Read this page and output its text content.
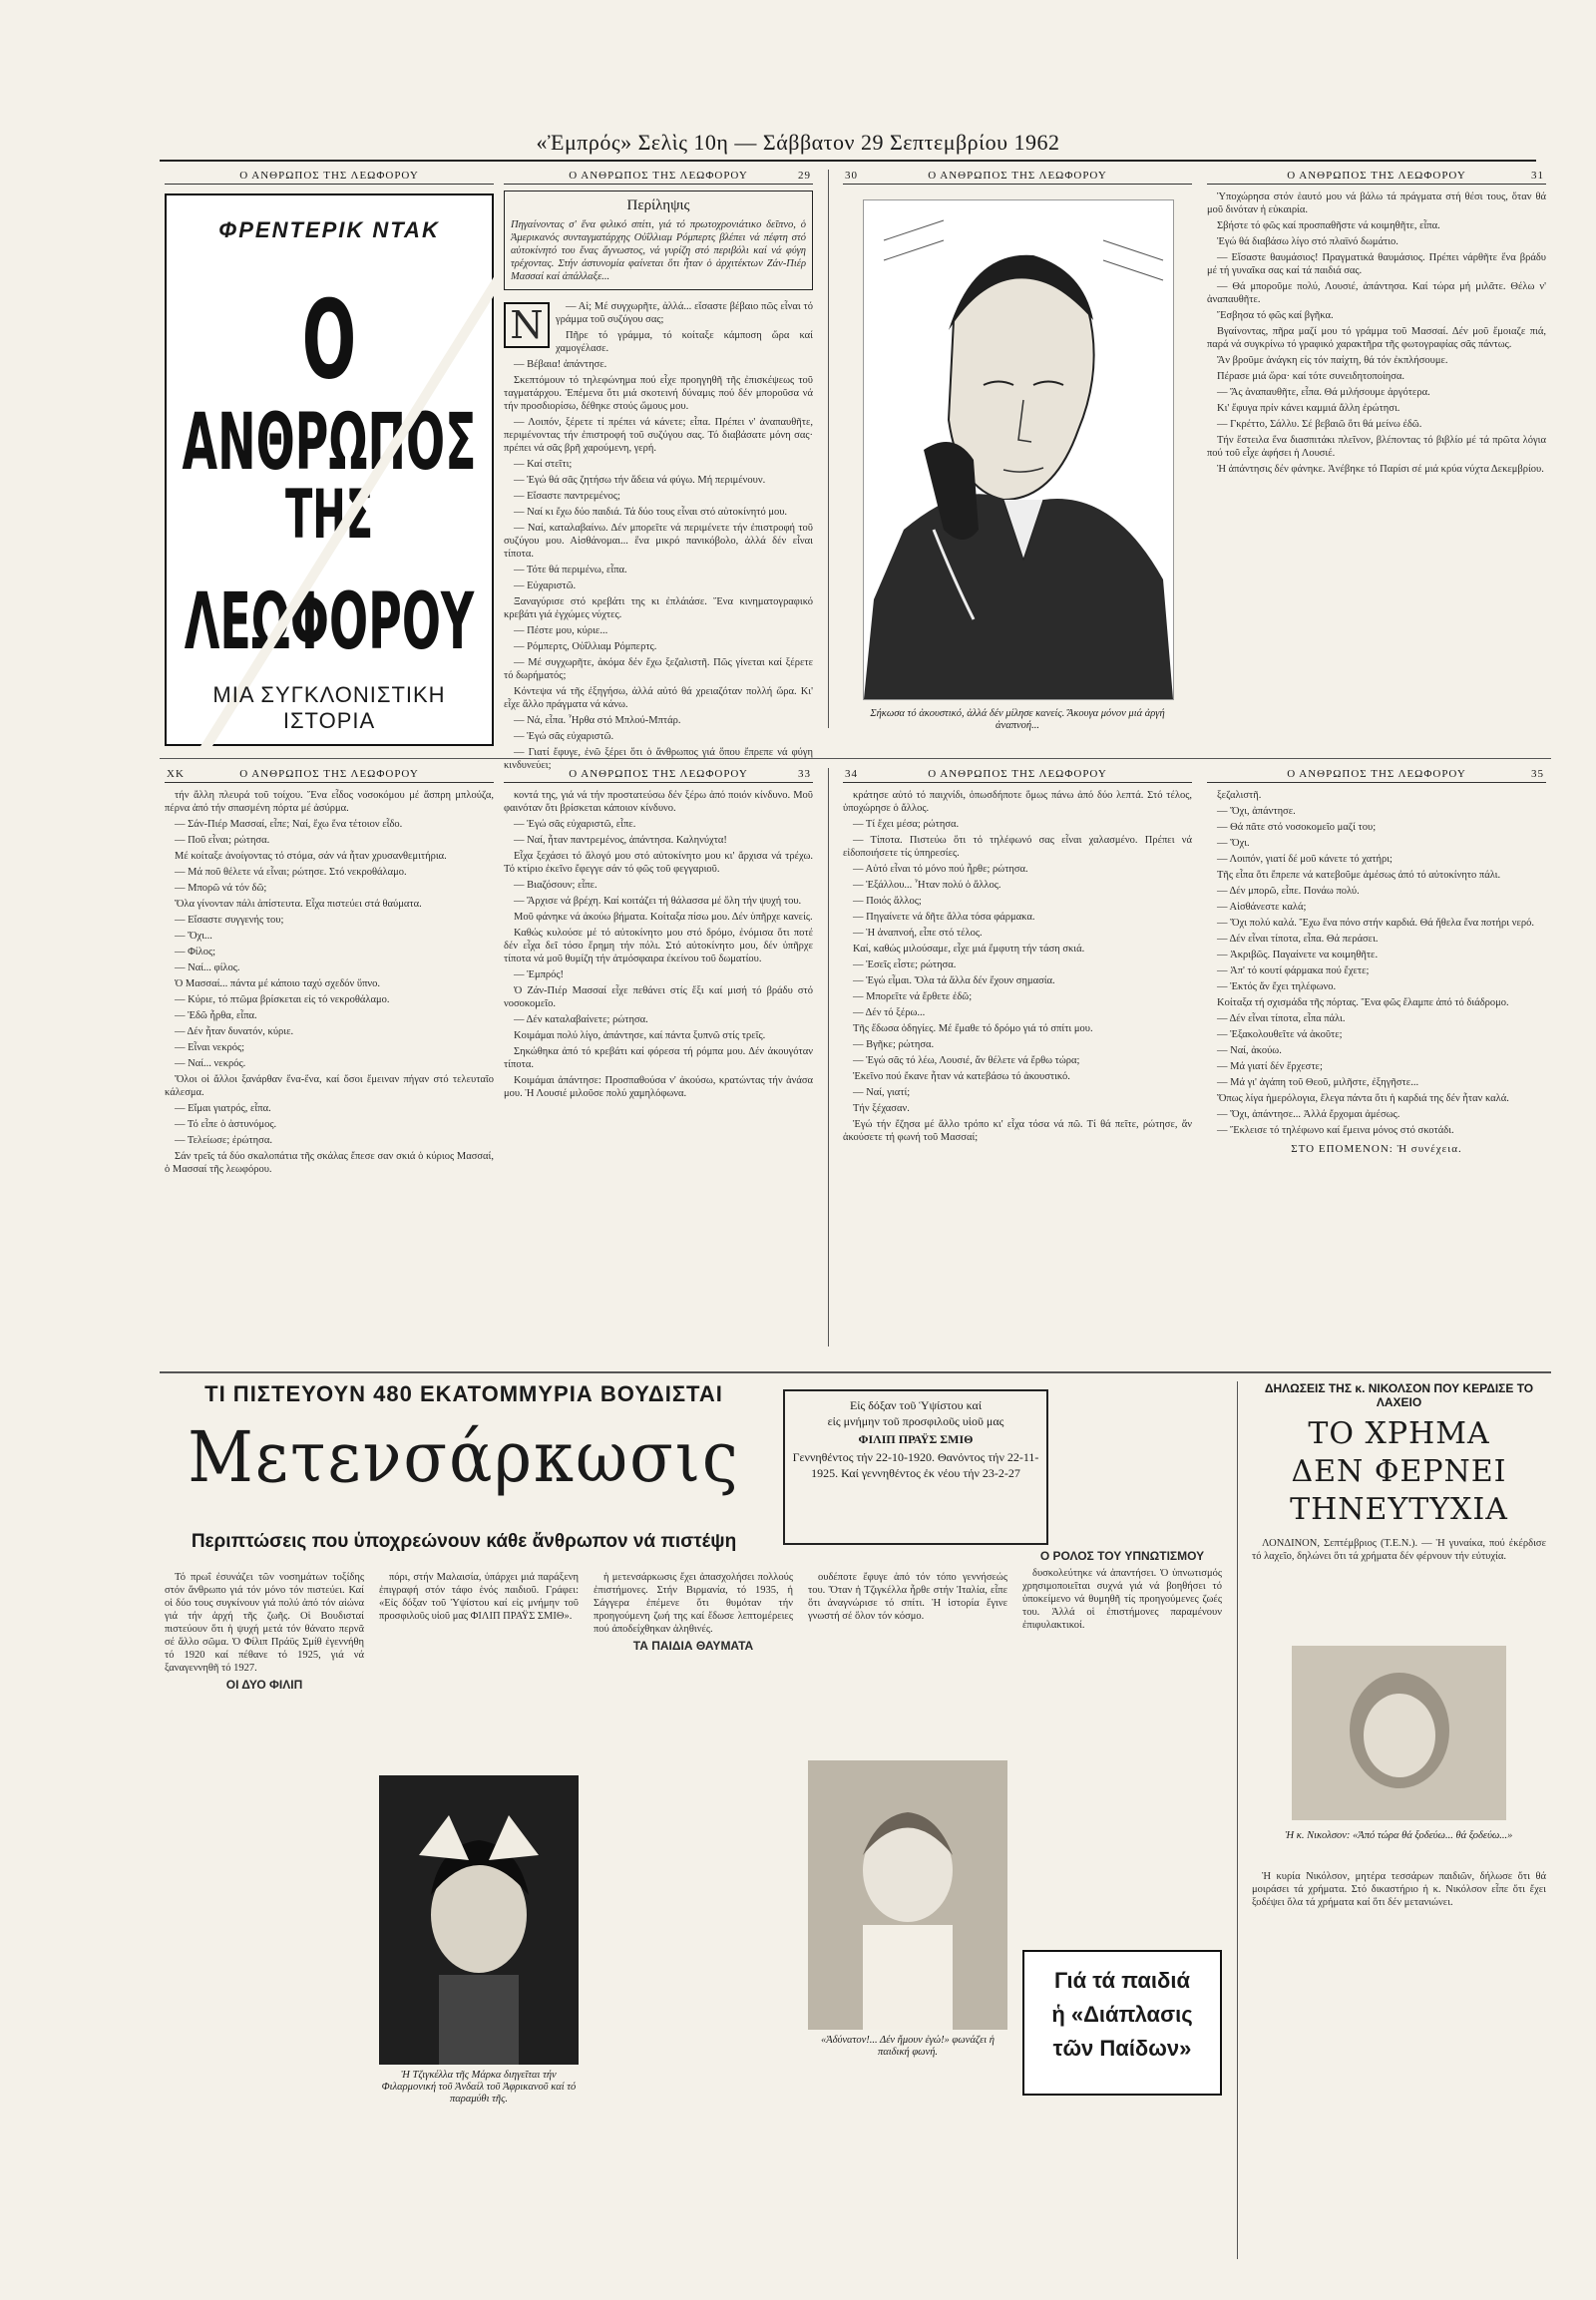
«Ἐμπρός» Σελὶς 10η — Σάββατον 29 Σεπτεμβρίου 1962
Ο ΑΝΘΡΩΠΟΣ ΤΗΣ ΛΕΩΦΟΡΟΥ
ΦΡΕΝΤΕΡΙΚ ΝΤΑΚ
Ο
ΑΝΘΡΩΠΟΣ
ΤΗΣ
ΛΕΩΦΟΡΟΥ
ΜΙΑ ΣΥΓΚΛΟΝΙΣΤΙΚΗ ΙΣΤΟΡΙΑ
Ο ΑΝΘΡΩΠΟΣ ΤΗΣ ΛΕΩΦΟΡΟΥ	29
Περίληψις
Πηγαίνοντας σ' ἕνα φιλικό σπίτι, γιά τό πρωτοχρονιάτικο δεῖπνο, ὁ Ἀμερικανός συνταγματάρχης Οὐΐλλιαμ Ρόμπερτς βλέπει νά πέφτη στό αὐτοκίνητό του ἕνας ἄγνωστος, νά γυρίζη στό περιβόλι καί νά φύγη τρέχοντας. Στήν άστυνομία φαίνεται ὅτι ἦταν ὁ ἀρχιτέκτων Ζάν-Πιέρ Μασσαί καί ἀπάλλαξε...
Ν	— Αἱ; Μέ συγχωρῆτε, ἀλλά... εἴσαστε βέβαιο πῶς εἶναι τό γράμμα τοῦ συζύγου σας;

Πῆρε τό γράμμα, τό κοίταξε κάμποση ὥρα καί χαμογέλασε.

— Βέβαια! ἀπάντησε.

Σκεπτόμουν τό τηλεφώνημα πού εἶχε προηγηθῆ τῆς ἐπισκέψεως τοῦ ταγματάρχου. Ἐπέμενα ὅτι μιά σκοτεινή δύναμις πού δέν μποροῦσα νά τήν προσδιορίσω, δέθηκε στούς ὤμους μου.

— Λοιπόν, ξέρετε τί πρέπει νά κάνετε; εἶπα. Πρέπει ν' ἀναπαυθῆτε, περιμένοντας τήν ἐπιστροφή τοῦ συζύγου σας. Τό διαβάσατε μόνη σας· πρέπει νά σᾶς βρῆ χαρούμενη, γερή.

— Καί στεῖτι;

— Ἐγώ θά σᾶς ζητήσω τήν ἄδεια νά φύγω. Μή περιμένουν.

— Εἴσαστε παντρεμένος;

— Ναί κι ἔχω δύο παιδιά. Τά δύο τους εἶναι στό αὐτοκίνητό μου.

— Ναί, καταλαβαίνω. Δέν μπορεῖτε νά περιμένετε τήν ἐπιστροφή τοῦ συζύγου μου. Αἰσθάνομαι... ἕνα μικρό πανικόβολο, ἀλλά δέν εἶναι τίποτα.

— Τότε θά περιμένω, εἶπα.

— Εὐχαριστῶ.

Ξαναγύρισε στό κρεβάτι της κι ἐπλάιάσε. Ἕνα κινηματογραφικό κρεβάτι γιά ἐγχώμες νύχτες.

— Πέστε μου, κύριε...

— Ρόμπερτς, Οὐΐλλιαμ Ρόμπερτς.

— Μέ συγχωρῆτε, ἀκόμα δέν ἔχω ξεζαλιστῆ. Πῶς γίνεται καί ξέρετε τό δωρήματός;

Κόντεψα νά τῆς ἐξηγήσω, ἀλλά αὐτό θά χρειαζόταν πολλή ὥρα. Κι' εἶχε ἄλλο πράγματα νά κάνω.

— Νά, εἶπα. Ἦρθα στό Μπλού-Μπτάρ.

— Ἐγώ σᾶς εὐχαριστῶ.

— Γιατί ἔφυγε, ἐνῶ ξέρει ὅτι ὁ ἄνθρωπος γιά ὅπου ἔπρεπε νά φύγη κινδυνεύει;

30	Ο ΑΝΘΡΩΠΟΣ ΤΗΣ ΛΕΩΦΟΡΟΥ
Σήκωσα τό ἀκουστικό, ἀλλά δέν μίλησε κανείς. Ἄκουγα μόνον μιά ἀργή ἀναπνοή...
Ο ΑΝΘΡΩΠΟΣ ΤΗΣ ΛΕΩΦΟΡΟΥ	31

Ὑποχώρησα στόν ἑαυτό μου νά βάλω τά πράγματα στή θέσι τους, ὅταν θά μοῦ δινόταν ἡ εὐκαιρία.

Σβήστε τό φῶς καί προσπαθῆστε νά κοιμηθῆτε, εἶπα.

Ἐγώ θά διαβάσω λίγο στό πλαϊνό δωμάτιο.

— Εἴσαστε θαυμάσιος! Πραγματικά θαυμάσιος. Πρέπει νάρθῆτε ἕνα βράδυ μέ τή γυναῖκα σας καί τά παιδιά σας.

— Θά μποροῦμε πολύ, Λουσιέ, ἀπάντησα. Καί τώρα μή μιλᾶτε. Θέλω ν' ἀναπαυθῆτε.

Ἔσβησα τό φῶς καί βγῆκα.

Βγαίνοντας, πῆρα μαζί μου τό γράμμα τοῦ Μασσαί. Δέν μοῦ ἔμοιαζε πιά, παρά νά συγκρίνω τό γραφικό χαρακτῆρα τῆς φωτογραφίας σᾶς πάντως.

Ἄν βροῦμε ἀνάγκη εἰς τόν παίχτη, θά τόν ἐκπλήσουμε.

Πέρασε μιά ὥρα· καί τότε συνειδητοποίησα.

— Ἄς ἀναπαυθῆτε, εἶπα. Θά μιλήσουμε ἀργότερα.

Κι' ἔφυγα πρίν κάνει καμμιά ἄλλη ἐρώτησι.

— Γκρέττο, Σάλλυ. Σέ βεβαιῶ ὅτι θά μείνω ἐδῶ.

Τήν ἔστειλα ἕνα διασπιτάκι πλεῖνον, βλέποντας τό βιβλίο μέ τά πρῶτα λόγια πού τοῦ εἶχε ἀφήσει ἡ Λουσιέ.

Ἡ ἀπάντησις δέν φάνηκε. Ἀνέβηκε τό Παρίσι σέ μιά κρύα νύχτα Δεκεμβρίου.

ΧΚ	Ο ΑΝΘΡΩΠΟΣ ΤΗΣ ΛΕΩΦΟΡΟΥ

τήν ἄλλη πλευρά τοῦ τοίχου. Ἕνα εἶδος νοσοκόμου μέ ἄσπρη μπλούζα, πέρνα ἀπό τήν σπασμένη πόρτα μέ ἀσύρμα.

— Σάν-Πιέρ Μασσαί, εἶπε; Ναί, ἔχω ἕνα τέτοιον εἶδο.

— Ποῦ εἶναι; ρώτησα.

Μέ κοίταξε ἀνοίγοντας τό στόμα, σάν νά ἦταν χρυσανθεμιτήρια.

— Μά ποῦ θέλετε νά εἶναι; ρώτησε. Στό νεκροθάλαμο.

— Μπορῶ νά τόν δῶ;

Ὅλα γίνονταν πάλι ἀπίστευτα. Εἶχα πιστεύει στά θαύματα.

— Εἴσαστε συγγενής του;

— Ὄχι...

— Φίλος;

— Ναί... φίλος.

Ὁ Μασσαί... πάντα μέ κάποιο ταχύ σχεδόν ὕπνο.

— Κύριε, τό πτῶμα βρίσκεται εἰς τό νεκροθάλαμο.

— Ἐδῶ ἦρθα, εἶπα.

— Δέν ἦταν δυνατόν, κύριε.

— Εἶναι νεκρός;

— Ναί... νεκρός.

Ὅλοι οἱ ἄλλοι ξανάρθαν ἕνα-ἕνα, καί ὅσοι ἔμειναν πήγαν στό τελευταῖο κάλεσμα.

— Εἴμαι γιατρός, εἶπα.

— Τό εἶπε ὁ ἀστυνόμος.

— Τελείωσε; ἐρώτησα.

Σάν τρεῖς τά δύο σκαλοπάτια τῆς σκάλας ἔπεσε σαν σκιά ὁ κύριος Μασσαί, ὁ Μασσαί τῆς λεωφόρου.

Ο ΑΝΘΡΩΠΟΣ ΤΗΣ ΛΕΩΦΟΡΟΥ	33

κοντά της, γιά νά τήν προστατεύσω δέν ξέρω ἀπό ποιόν κίνδυνο. Μοῦ φαινόταν ὅτι βρίσκεται κάποιον κίνδυνο.

— Ἐγώ σᾶς εὐχαριστῶ, εἶπε.

— Ναί, ἦταν παντρεμένος, ἀπάντησα. Καληνύχτα!

Εἶχα ξεχάσει τό ἄλογό μου στό αὐτοκίνητο μου κι' ἄρχισα νά τρέχω. Τό κτίριο ἐκεῖνο ἔφεγγε σάν τό φῶς τοῦ φεγγαριοῦ.

— Βιαζόσουν; εἶπε.

— Ἄρχισε νά βρέχη. Καί κοιτάζει τή θάλασσα μέ ὅλη τήν ψυχή του.

Μοῦ φάνηκε νά ἀκούω βήματα. Κοίταξα πίσω μου. Δέν ὑπῆρχε κανείς.

Καθώς κυλούσε μέ τό αὐτοκίνητο μου στό δρόμο, ἐνόμισα ὅτι ποτέ δέν εἶχα δεῖ τόσο ἔρημη τήν πόλι. Στό αὐτοκίνητο μου, δέν ὑπῆρχε τίποτα νά μοῦ θυμίζη τήν ἀτμόσφαιρα ἐκείνου τοῦ δωματίου.

— Ἐμπρός!

Ὁ Ζάν-Πιέρ Μασσαί εἶχε πεθάνει στίς ἔξι καί μισή τό βράδυ στό νοσοκομεῖο.

— Δέν καταλαβαίνετε; ρώτησα.

Κοιμάμαι πολύ λίγο, ἀπάντησε, καί πάντα ξυπνῶ στίς τρεῖς.

Σηκώθηκα ἀπό τό κρεβάτι καί φόρεσα τή ρόμπα μου. Δέν ἀκουγόταν τίποτα.

Κοιμάμαι ἀπάντησε: Προσπαθούσα ν' ἀκούσω, κρατώντας τήν ἀνάσα μου. Ἡ Λουσιέ μιλοῦσε πολύ χαμηλόφωνα.

34	Ο ΑΝΘΡΩΠΟΣ ΤΗΣ ΛΕΩΦΟΡΟΥ

κράτησε αὐτό τό παιχνίδι, ὁπωσδήποτε ὅμως πάνω ἀπό δύο λεπτά. Στό τέλος, ὑποχώρησε ὁ ἄλλος.

— Τί ἔχει μέσα; ρώτησα.

— Τίποτα. Πιστεύω ὅτι τό τηλέφωνό σας εἶναι χαλασμένο. Πρέπει νά εἰδοποιήσετε τίς ὑπηρεσίες.

— Αὐτό εἶναι τό μόνο πού ἦρθε; ρώτησα.

— Ἐξάλλου... Ἦταν πολύ ὁ ἄλλος.

— Ποιός ἄλλος;

— Πηγαίνετε νά δῆτε ἄλλα τόσα φάρμακα.

— Ἡ ἀναπνοή, εἶπε στό τέλος.

Καί, καθώς μιλούσαμε, εἶχε μιά ἔμφυτη τήν τάση σκιά.

— Ἐσεῖς εἶστε; ρώτησα.

— Ἐγώ εἶμαι. Ὅλα τά ἄλλα δέν ἔχουν σημασία.

— Μπορεῖτε νά ἔρθετε ἐδῶ;

— Δέν τό ξέρω...

Τῆς ἔδωσα ὁδηγίες. Μέ ἔμαθε τό δρόμο γιά τό σπίτι μου.

— Βγῆκε; ρώτησα.

— Ἐγώ σᾶς τό λέω, Λουσιέ, ἄν θέλετε νά ἔρθω τώρα;

Ἐκεῖνο πού ἔκανε ἦταν νά κατεβάσω τό ἀκουστικό.

— Ναί, γιατί;

Τήν ξέχασαν.

Ἐγώ τήν ἔζησα μέ ἄλλο τρόπο κι' εἶχα τόσα νά πῶ. Τί θά πεῖτε, ρώτησε, ἄν ἀκούσετε τή φωνή τοῦ Μασσαί;

Ο ΑΝΘΡΩΠΟΣ ΤΗΣ ΛΕΩΦΟΡΟΥ	35

ξεζαλιστῆ.

— Ὄχι, ἀπάντησε.

— Θά πᾶτε στό νοσοκομεῖο μαζί του;

— Ὄχι.

— Λοιπόν, γιατί δέ μοῦ κάνετε τό χατήρι;

Τῆς εἶπα ὅτι ἔπρεπε νά κατεβοῦμε ἀμέσως ἀπό τό αὐτοκίνητο πάλι.

— Δέν μπορῶ, εἶπε. Πονάω πολύ.

— Αἰσθάνεστε καλά;

— Ὄχι πολύ καλά. Ἔχω ἕνα πόνο στήν καρδιά. Θά ἤθελα ἕνα ποτήρι νερό.

— Δέν εἶναι τίποτα, εἶπα. Θά περάσει.

— Ἀκριβῶς. Παγαίνετε να κοιμηθῆτε.

— Ἀπ' τό κουτί φάρμακα πού ἔχετε;

— Ἐκτός ἄν ἔχει τηλέφωνο.

Κοίταξα τή σχισμάδα τῆς πόρτας. Ἔνα φῶς ἔλαμπε ἀπό τό διάδρομο.

— Δέν εἶναι τίποτα, εἶπα πάλι.

— Ἐξακολουθεῖτε νά ἀκοῦτε;

— Ναί, ἀκούω.

— Μά γιατί δέν ἔρχεστε;

— Μά γι' ἀγάπη τοῦ Θεοῦ, μιλῆστε, ἐξηγῆστε...

Ὅπως λίγα ἡμερόλογια, ἔλεγα πάντα ὅτι ἡ καρδιά της δέν ἦταν καλά.

— Ὄχι, ἀπάντησε... Ἀλλά ἔρχομαι ἀμέσως.

— Ἔκλεισε τό τηλέφωνο καί ἔμεινα μόνος στό σκοτάδι.

ΣΤΟ ΕΠΟΜΕΝΟΝ: Ἡ συνέχεια.
ΤΙ ΠΙΣΤΕΥΟΥΝ 480 ΕΚΑΤΟΜΜΥΡΙΑ ΒΟΥΔΙΣΤΑΙ
Μετενσάρκωσις
Περιπτώσεις που ὑποχρεώνουν κάθε ἄνθρωπον νά πιστέψη
Εἰς δόξαν τοῦ Ὑψίστου καί
εἰς μνήμην τοῦ προσφιλοῦς υἱοῦ μας
ΦΙΛΙΠ ΠΡΑΫΣ ΣΜΙΘ
Γεννηθέντος τήν 22-10-1920. Θανόντος τήν 22-11-1925. Καί γεννηθέντος ἐκ νέου τήν 23-2-27

Τό πρωΐ ἐσυνάζει τῶν νοσημάτων τοξίδης στόν ἄνθρωπο γιά τόν μόνο τόν πιστεύει. Καί οἱ δύο τους συγκίνουν γιά πολύ ἀπό τόν αἰώνα γιά τήν ἀρχή τῆς ζωῆς. Οἱ Βουδισταί πιστεύουν ὅτι ἡ ψυχή μετά τόν θάνατο περνᾶ σέ ἄλλο σῶμα. Ὁ Φίλιπ Πράϋς Σμίθ ἐγεννήθη τό 1920 καί πέθανε τό 1925, γιά νά ξαναγεννηθῆ τό 1927.

ΟΙ ΔΥΟ ΦΙΛΙΠ

πόρι, στήν Μαλαισία, ὑπάρχει μιά παράξενη ἐπιγραφή στόν τάφο ἑνός παιδιοῦ. Γράφει: «Εἰς δόξαν τοῦ Ὑψίστου καί εἰς μνήμην τοῦ προσφιλοῦς υἱοῦ μας ΦΙΛΙΠ ΠΡΑΫΣ ΣΜΙΘ».

Ἡ Τζιγκέλλα τῆς Μάρκα διηγεῖται τήν Φιλαρμονική τοῦ Ἀνδαίλ τοῦ Ἀφρικανοῦ καί τό παραμύθι τῆς.

ἡ μετενσάρκωσις ἔχει ἀπασχολήσει πολλούς ἐπιστήμονες. Στήν Βιρμανία, τό 1935, ἡ Σάγγερα ἐπέμενε ὅτι θυμόταν τήν προηγούμενη ζωή της καί ἔδωσε λεπτομέρειες πού ἀποδείχθηκαν ἀληθινές.

ΤΑ ΠΑΙΔΙΑ ΘΑΥΜΑΤΑ

ουδέποτε ἔφυγε ἀπό τόν τόπο γεννήσεώς του. Ὅταν ἡ Τζιγκέλλα ἦρθε στήν Ἰταλία, εἶπε ὅτι ἀναγνώρισε τό σπίτι. Ἡ ἱστορία ἔγινε γνωστή σέ ὅλον τόν κόσμο.

«Ἀδύνατον!... Δέν ἤμουν ἐγώ!» φωνάζει ἡ παιδική φωνή.
Ο ΡΟΛΟΣ ΤΟΥ ΥΠΝΩΤΙΣΜΟΥ

δυσκολεύτηκε νά ἀπαντήσει. Ὁ ὑπνωτισμός χρησιμοποιεῖται συχνά γιά νά βοηθήσει τό ὑποκείμενο νά θυμηθῆ τίς προηγούμενες ζωές του. Ἀλλά οἱ ἐπιστήμονες παραμένουν ἐπιφυλακτικοί.

Γιά τά παιδιά
ἡ «Διάπλασις
τῶν Παίδων»
ΔΗΛΩΣΕΙΣ ΤΗΣ κ. ΝΙΚΟΛΣΟΝ ΠΟΥ ΚΕΡΔΙΣΕ ΤΟ ΛΑΧΕΙΟ
ΤΟ ΧΡΗΜΑ
ΔΕΝ ΦΕΡΝΕΙ
ΤΗΝΕΥΤΥΧΙΑ

ΛΟΝΔΙΝΟΝ, Σεπτέμβριος (Τ.Ε.Ν.). — Ἡ γυναίκα, πού ἐκέρδισε τό λαχεῖο, δηλώνει ὅτι τά χρήματα δέν φέρνουν τήν εὐτυχία.

Ἡ κ. Νικολσον: «Ἀπό τώρα θά ξοδεύω... θά ξοδεύω...»

Ἡ κυρία Νικόλσον, μητέρα τεσσάρων παιδιῶν, δήλωσε ὅτι θά μοιράσει τά χρήματα. Στό δικαστήριο ἡ κ. Νικόλσον εἶπε ὅτι ἔχει ξοδέψει ὅλα τά χρήματα καί ὅτι δέν μετανιώνει.
